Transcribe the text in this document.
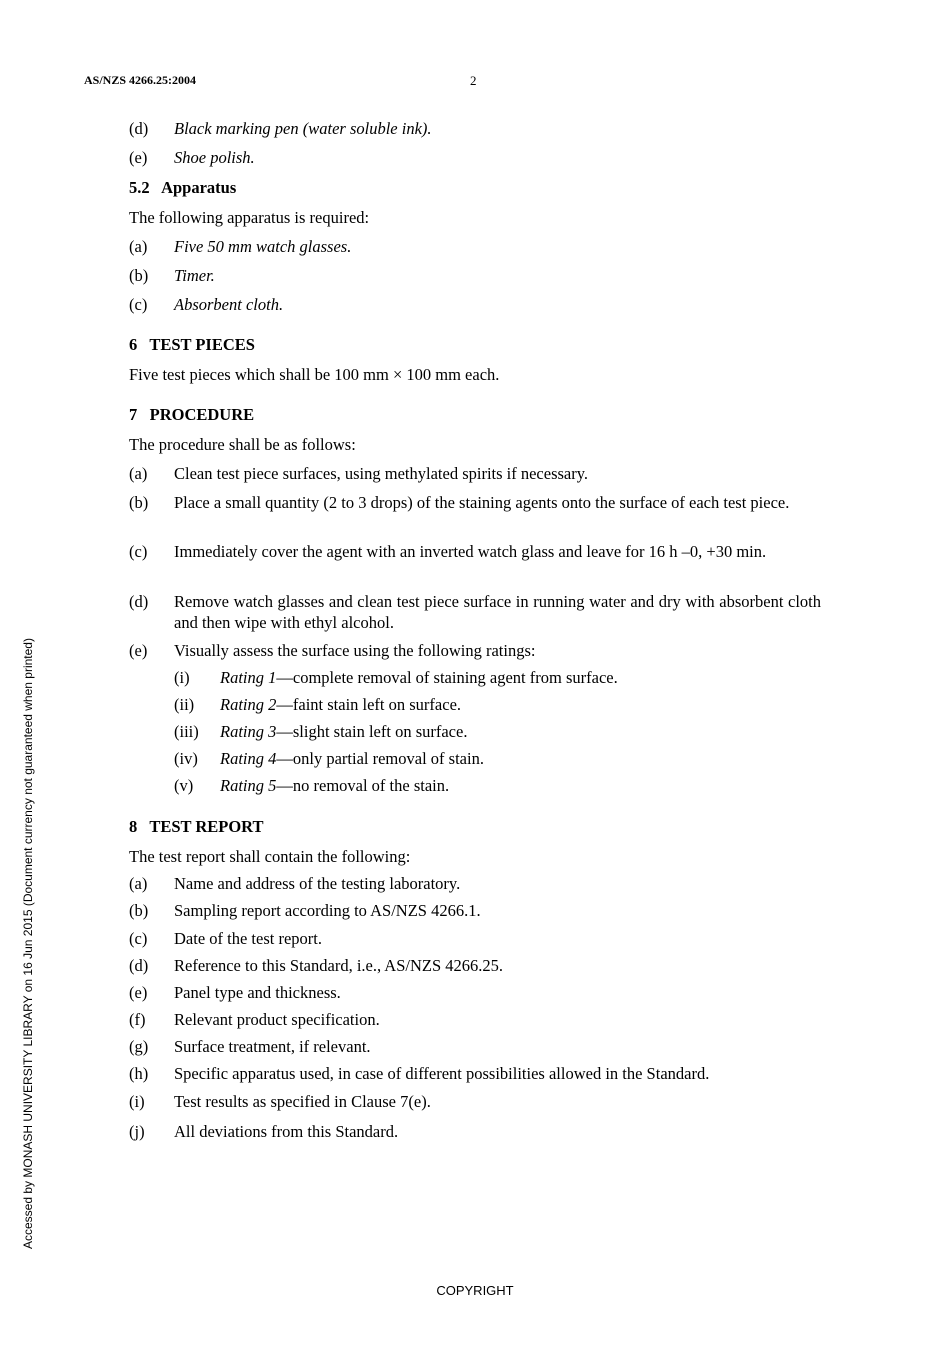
AS/NZS 4266.25:2004	2
(d) Black marking pen (water soluble ink).
(e) Shoe polish.
5.2   Apparatus
The following apparatus is required:
(a) Five 50 mm watch glasses.
(b) Timer.
(c) Absorbent cloth.
6   TEST PIECES
Five test pieces which shall be 100 mm × 100 mm each.
7   PROCEDURE
The procedure shall be as follows:
(a) Clean test piece surfaces, using methylated spirits if necessary.
(b) Place a small quantity (2 to 3 drops) of the staining agents onto the surface of each test piece.
(c) Immediately cover the agent with an inverted watch glass and leave for 16 h –0, +30 min.
(d) Remove watch glasses and clean test piece surface in running water and dry with absorbent cloth and then wipe with ethyl alcohol.
(e) Visually assess the surface using the following ratings:
(i) Rating 1—complete removal of staining agent from surface.
(ii) Rating 2—faint stain left on surface.
(iii) Rating 3—slight stain left on surface.
(iv) Rating 4—only partial removal of stain.
(v) Rating 5—no removal of the stain.
8   TEST REPORT
The test report shall contain the following:
(a) Name and address of the testing laboratory.
(b) Sampling report according to AS/NZS 4266.1.
(c) Date of the test report.
(d) Reference to this Standard, i.e., AS/NZS 4266.25.
(e) Panel type and thickness.
(f) Relevant product specification.
(g) Surface treatment, if relevant.
(h) Specific apparatus used, in case of different possibilities allowed in the Standard.
(i) Test results as specified in Clause 7(e).
(j) All deviations from this Standard.
Accessed by MONASH UNIVERSITY LIBRARY on 16 Jun 2015 (Document currency not guaranteed when printed)
COPYRIGHT
